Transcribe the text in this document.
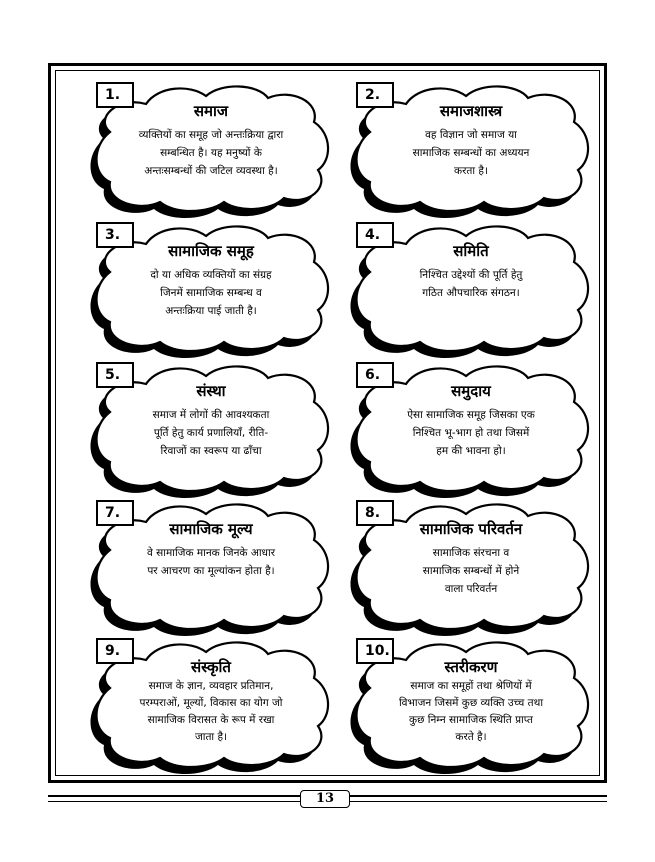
1.
समाज
व्यक्तियों का समूह जो अन्तःक्रिया द्वारा
सम्बन्धित है। यह मनुष्यों के
अन्तःसम्बन्धों की जटिल व्यवस्था है।
2.
समाजशास्त्र
वह विज्ञान जो समाज या
सामाजिक सम्बन्धों का अध्ययन
करता है।
3.
सामाजिक समूह
दो या अधिक व्यक्तियों का संग्रह
जिनमें सामाजिक सम्बन्ध व
अन्तःक्रिया पाई जाती है।
4.
समिति
निश्चित उद्देश्यों की पूर्ति हेतु
गठित औपचारिक संगठन।
5.
संस्था
समाज में लोगों की आवश्यकता
पूर्ति हेतु कार्य प्रणालियाँ, रीति-
रिवाजों का स्वरूप या ढाँचा
6.
समुदाय
ऐसा सामाजिक समूह जिसका एक
निश्चित भू-भाग हो तथा जिसमें
हम की भावना हो।
7.
सामाजिक मूल्य
वे सामाजिक मानक जिनके आधार
पर आचरण का मूल्यांकन होता है।
8.
सामाजिक परिवर्तन
सामाजिक संरचना व
सामाजिक सम्बन्धों में होने
वाला परिवर्तन
9.
संस्कृति
समाज के ज्ञान, व्यवहार प्रतिमान,
परम्पराओं, मूल्यों, विकास का योग जो
सामाजिक विरासत के रूप में रखा
जाता है।
10.
स्तरीकरण
समाज का समूहों तथा श्रेणियों में
विभाजन जिसमें कुछ व्यक्ति उच्च तथा
कुछ निम्न सामाजिक स्थिति प्राप्त
करते है।
13
